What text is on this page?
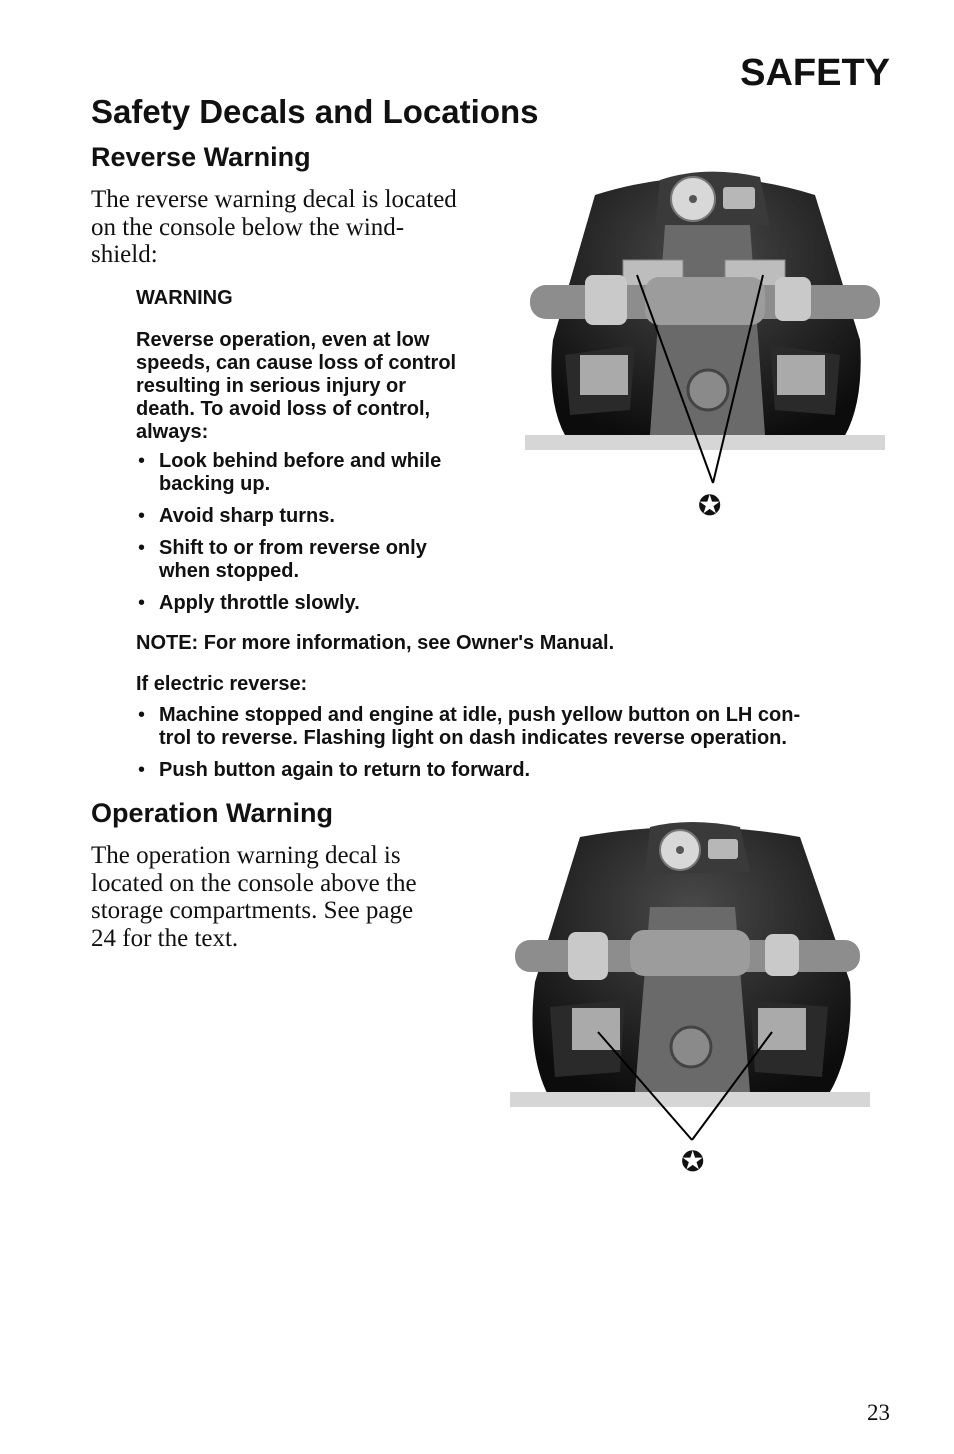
SAFETY
Safety Decals and Locations
Reverse Warning

The reverse warning decal is located
on the console below the wind-
shield:

WARNING

Reverse operation, even at low
speeds, can cause loss of control
resulting in serious injury or
death. To avoid loss of control,
always:

• Look behind before and while
backing up.
• Avoid sharp turns.
• Shift to or from reverse only
when stopped.
• Apply throttle slowly.

NOTE: For more information, see Owner's Manual.

If electric reverse:

• Machine stopped and engine at idle, push yellow button on LH con-
trol to reverse. Flashing light on dash indicates reverse operation.
• Push button again to return to forward.
✪
Operation Warning

The operation warning decal is
located on the console above the
storage compartments. See page
24 for the text.

✪

23
